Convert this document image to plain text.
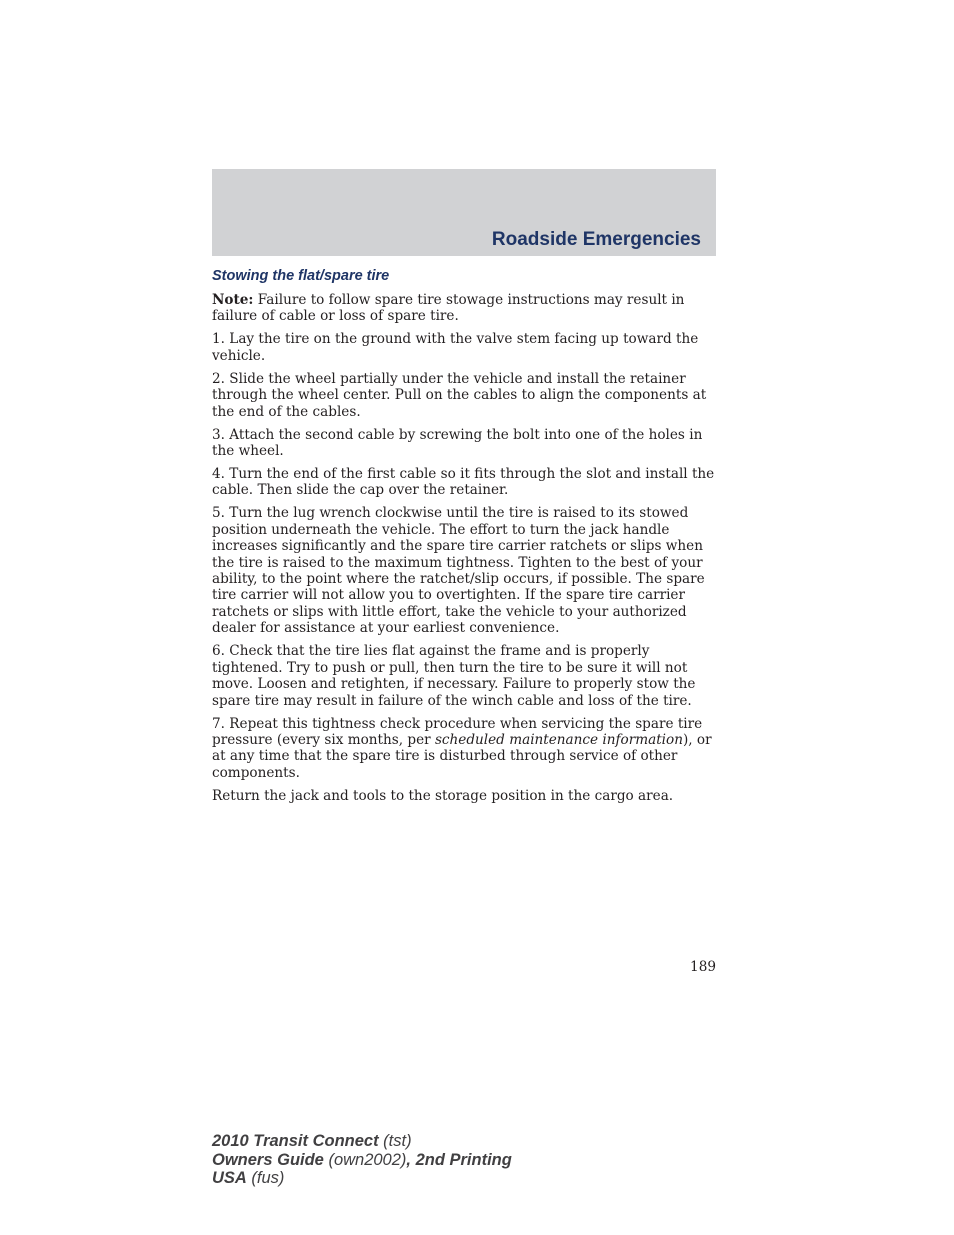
Roadside Emergencies
Stowing the flat/spare tire

Note: Failure to follow spare tire stowage instructions may result in failure of cable or loss of spare tire.

1. Lay the tire on the ground with the valve stem facing up toward the vehicle.

2. Slide the wheel partially under the vehicle and install the retainer through the wheel center. Pull on the cables to align the components at the end of the cables.

3. Attach the second cable by screwing the bolt into one of the holes in the wheel.

4. Turn the end of the first cable so it fits through the slot and install the cable. Then slide the cap over the retainer.

5. Turn the lug wrench clockwise until the tire is raised to its stowed position underneath the vehicle. The effort to turn the jack handle increases significantly and the spare tire carrier ratchets or slips when the tire is raised to the maximum tightness. Tighten to the best of your ability, to the point where the ratchet/slip occurs, if possible. The spare tire carrier will not allow you to overtighten. If the spare tire carrier ratchets or slips with little effort, take the vehicle to your authorized dealer for assistance at your earliest convenience.

6. Check that the tire lies flat against the frame and is properly tightened. Try to push or pull, then turn the tire to be sure it will not move. Loosen and retighten, if necessary. Failure to properly stow the spare tire may result in failure of the winch cable and loss of the tire.

7. Repeat this tightness check procedure when servicing the spare tire pressure (every six months, per scheduled maintenance information), or at any time that the spare tire is disturbed through service of other components.

Return the jack and tools to the storage position in the cargo area.

189
2010 Transit Connect (tst)
Owners Guide (own2002), 2nd Printing
USA (fus)
